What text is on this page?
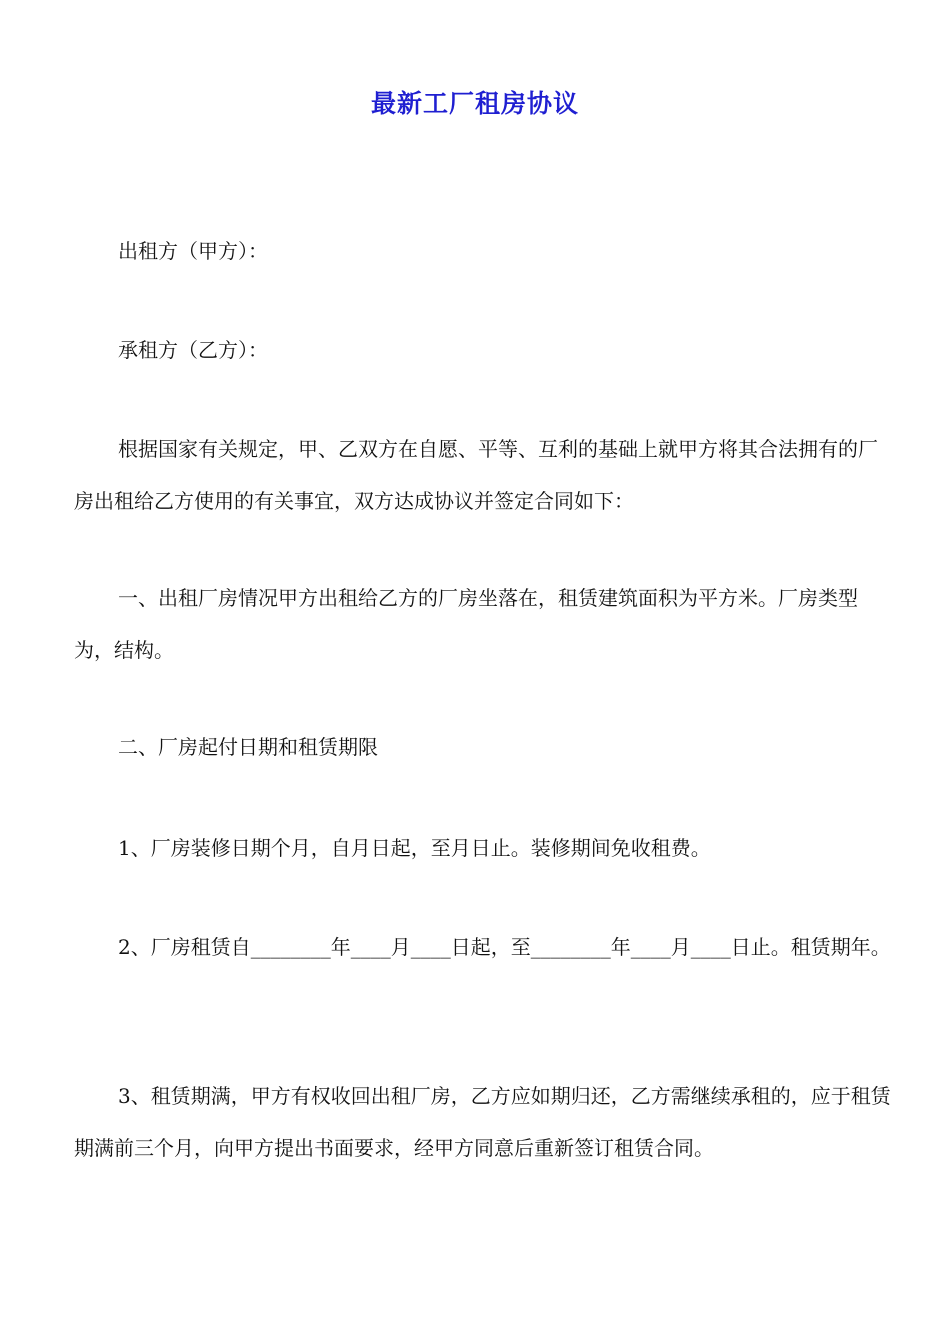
最新工厂租房协议

出租方（甲方）：

承租方（乙方）：

根据国家有关规定，甲、乙双方在自愿、平等、互利的基础上就甲方将其合法拥有的厂房出租给乙方使用的有关事宜，双方达成协议并签定合同如下：

一、出租厂房情况甲方出租给乙方的厂房坐落在，租赁建筑面积为平方米。厂房类型为，结构。

二、厂房起付日期和租赁期限

1、厂房装修日期个月，自月日起，至月日止。装修期间免收租费。

2、厂房租赁自________年____月____日起，至________年____月____日止。租赁期年。

3、租赁期满，甲方有权收回出租厂房，乙方应如期归还，乙方需继续承租的，应于租赁期满前三个月，向甲方提出书面要求，经甲方同意后重新签订租赁合同。
